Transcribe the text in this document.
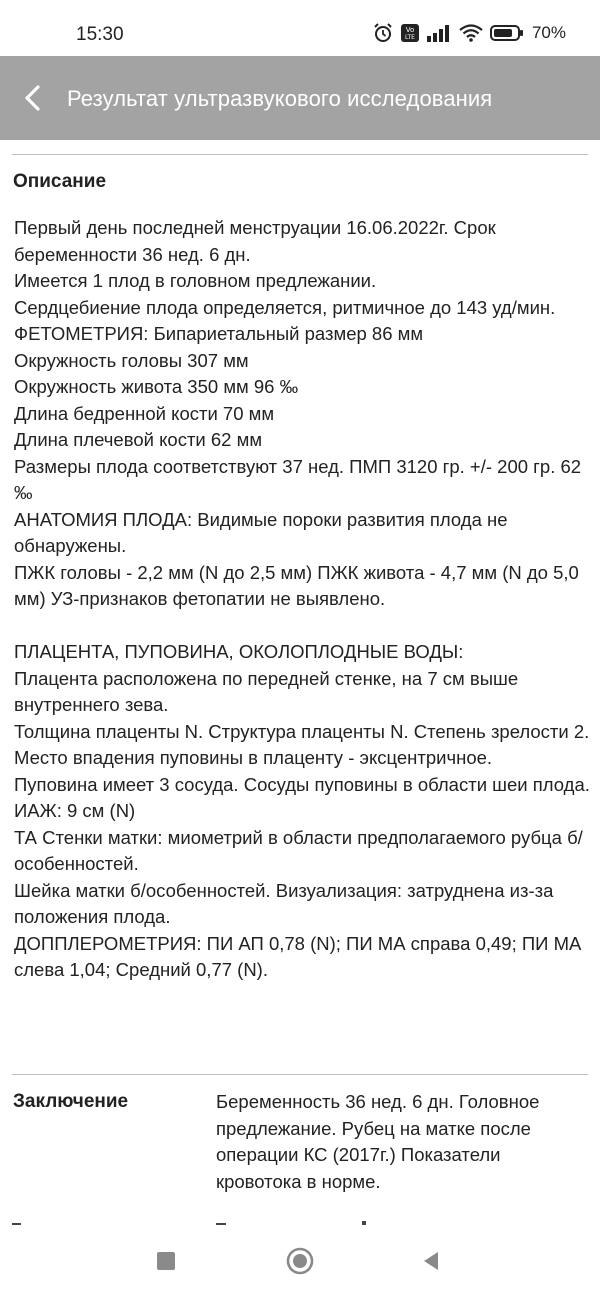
15:30	Vo
LTE	70%
Результат ультразвукового исследования
Описание

Первый день последней менструации 16.06.2022г. Срок беременности 36 нед. 6 дн.

Имеется 1 плод в головном предлежании.

Сердцебиение плода определяется, ритмичное до 143 уд/мин.

ФЕТОМЕТРИЯ: Бипариетальный размер 86 мм

Окружность головы 307 мм

Окружность живота 350 мм 96 ‰

Длина бедренной кости 70 мм

Длина плечевой кости 62 мм

Размеры плода соответствуют 37 нед. ПМП 3120 гр. +/- 200 гр. 62 ‰

АНАТОМИЯ ПЛОДА: Видимые пороки развития плода не обнаружены.

ПЖК головы - 2,2 мм (N до 2,5 мм) ПЖК живота - 4,7 мм (N до 5,0 мм) УЗ-признаков фетопатии не выявлено.

ПЛАЦЕНТА, ПУПОВИНА, ОКОЛОПЛОДНЫЕ ВОДЫ:

Плацента расположена по передней стенке, на 7 см выше внутреннего зева.

Толщина плаценты N. Структура плаценты N. Степень зрелости 2.

Место впадения пуповины в плаценту - эксцентричное.

Пуповина имеет 3 сосуда. Сосуды пуповины в области шеи плода.

ИАЖ: 9 см (N)

ТА Стенки матки: миометрий в области предполагаемого рубца б/особенностей.

Шейка матки б/особенностей. Визуализация: затруднена из-за положения плода.

ДОППЛЕРОМЕТРИЯ: ПИ АП 0,78 (N); ПИ МА справа 0,49; ПИ МА слева 1,04; Средний 0,77 (N).

Заключение	Беременность 36 нед. 6 дн. Головное предлежание. Рубец на матке после операции КС (2017г.) Показатели кровотока в норме.
